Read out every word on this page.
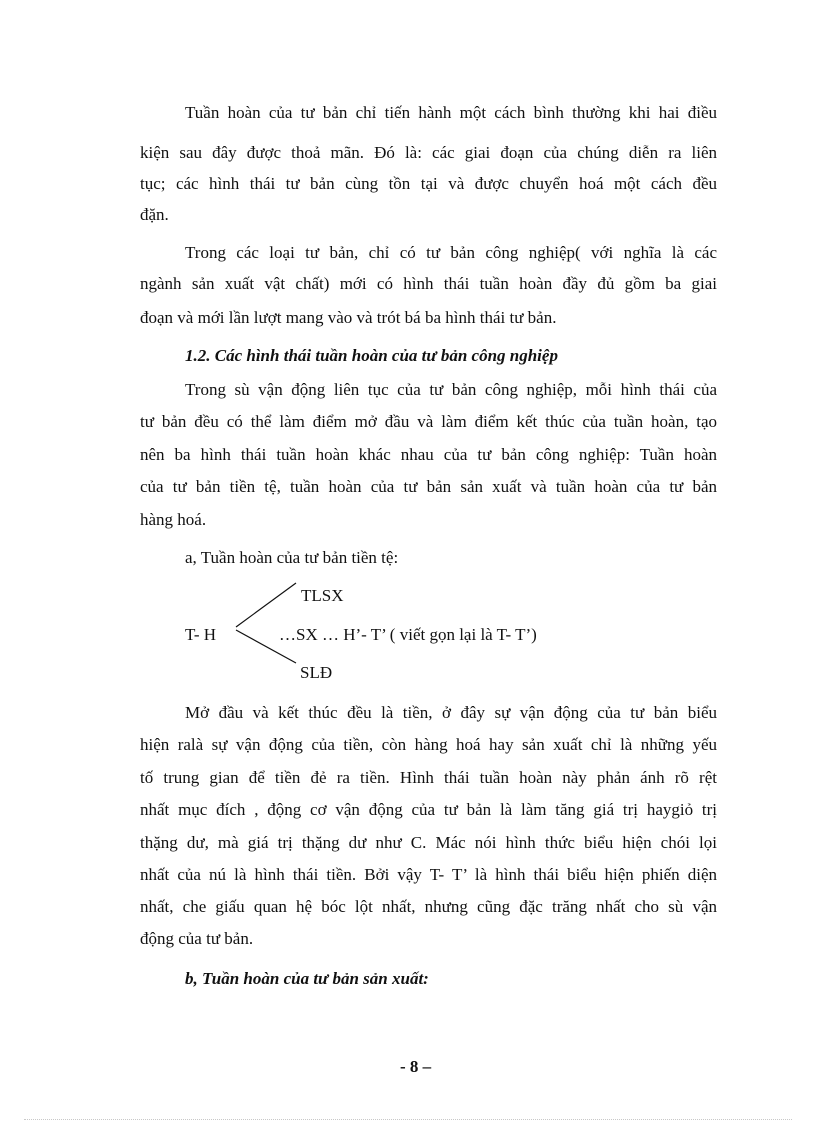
Tuần hoàn của tư bản chỉ tiến hành một cách bình thường khi hai điều
kiện sau đây được thoả mãn. Đó là: các giai đoạn của chúng diễn ra liên
tục; các hình thái tư bản cùng tồn tại và được chuyển hoá một cách đều
đặn.
Trong các loại tư bản, chỉ có tư bản công nghiệp( với nghĩa là các
ngành sản xuất vật chất) mới có hình thái tuần hoàn đầy đủ gồm ba giai
đoạn và mới lần lượt mang vào và trót bá ba hình thái tư bản.
1.2. Các hình thái tuần hoàn của tư bản công nghiệp
Trong sù vận động liên tục của tư bản công nghiệp, mỗi hình thái của
tư bản đều có thể làm điểm mở đầu và làm điểm kết thúc của tuần hoàn, tạo
nên ba hình thái tuần hoàn khác nhau của tư bản công nghiệp: Tuần hoàn
của tư bản tiền tệ, tuần hoàn của tư bản sản xuất và tuần hoàn của tư bản
hàng hoá.
a, Tuần hoàn của tư bản tiền tệ:
TLSX
T- H	…SX … H’- T’ ( viết gọn lại là T- T’)
SLĐ
Mở đầu và kết thúc đều là tiền, ở đây sự vận động của tư bản biểu
hiện ralà sự vận động của tiền, còn hàng hoá hay sản xuất chỉ là những yếu
tố trung gian để tiền đẻ ra tiền. Hình thái tuần hoàn này phản ánh rõ rệt
nhất mục đích , động cơ vận động của tư bản là làm tăng giá trị haygiỏ trị
thặng dư, mà giá trị thặng dư như C. Mác nói hình thức biểu hiện chói lọi
nhất của nú là hình thái tiền. Bởi vậy T- T’ là hình thái biểu hiện phiến diện
nhất, che giấu quan hệ bóc lột nhất, nhưng cũng đặc trăng nhất cho sù vận
động của tư bản.
b, Tuần hoàn của tư bản sản xuất:
- 8 –
